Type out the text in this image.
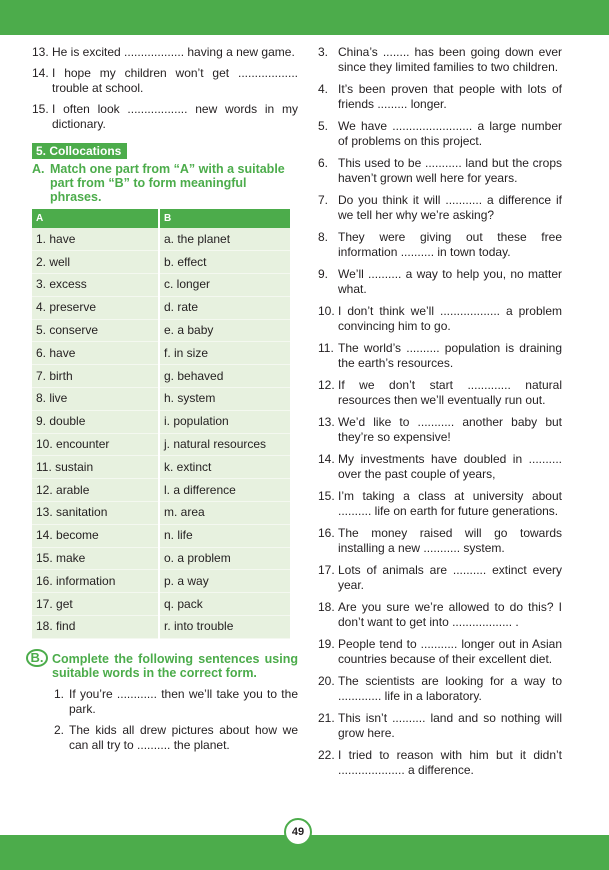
13. He is excited .................. having a new game.
14. I hope my children won’t get .................. trouble at school.
15. I often look .................. new words in my dictionary.
5. Collocations
A. Match one part from “A” with a suitable part from “B” to form meaningful phrases.
A	B
1. have	a. the planet
2. well	b. effect
3. excess	c. longer
4. preserve	d. rate
5. conserve	e. a baby
6. have	f. in size
7. birth	g. behaved
8. live	h. system
9. double	i. population
10. encounter	j. natural resources
11. sustain	k. extinct
12. arable	l. a difference
13. sanitation	m. area
14. become	n. life
15. make	o. a problem
16. information	p. a way
17. get	q. pack
18. find	r. into trouble
B. Complete the following sentences using suitable words in the correct form.
1. If you’re ............ then we’ll take you to the park.
2. The kids all drew pictures about how we can all try to .......... the planet.
3. China’s ........ has been going down ever since they limited families to two children.
4. It’s been proven that people with lots of friends ......... longer.
5. We have ........................ a large number of problems on this project.
6. This used to be ........... land but the crops haven’t grown well here for years.
7. Do you think it will ........... a difference if we tell her why we’re asking?
8. They were giving out these free information .......... in town today.
9. We’ll .......... a way to help you, no matter what.
10. I don’t think we’ll .................. a problem convincing him to go.
11. The world’s .......... population is draining the earth’s resources.
12. If we don’t start ............. natural resources then we’ll eventually run out.
13. We’d like to ........... another baby but they’re so expensive!
14. My investments have doubled in .......... over the past couple of years,
15. I’m taking a class at university about .......... life on earth for future generations.
16. The money raised will go towards installing a new ........... system.
17. Lots of animals are .......... extinct every year.
18. Are you sure we’re allowed to do this? I don’t want to get into .................. .
19. People tend to ........... longer out in Asian countries because of their excellent diet.
20. The scientists are looking for a way to ............. life in a laboratory.
21. This isn’t .......... land and so nothing will grow here.
22. I tried to reason with him but it didn’t .................... a difference.
49
